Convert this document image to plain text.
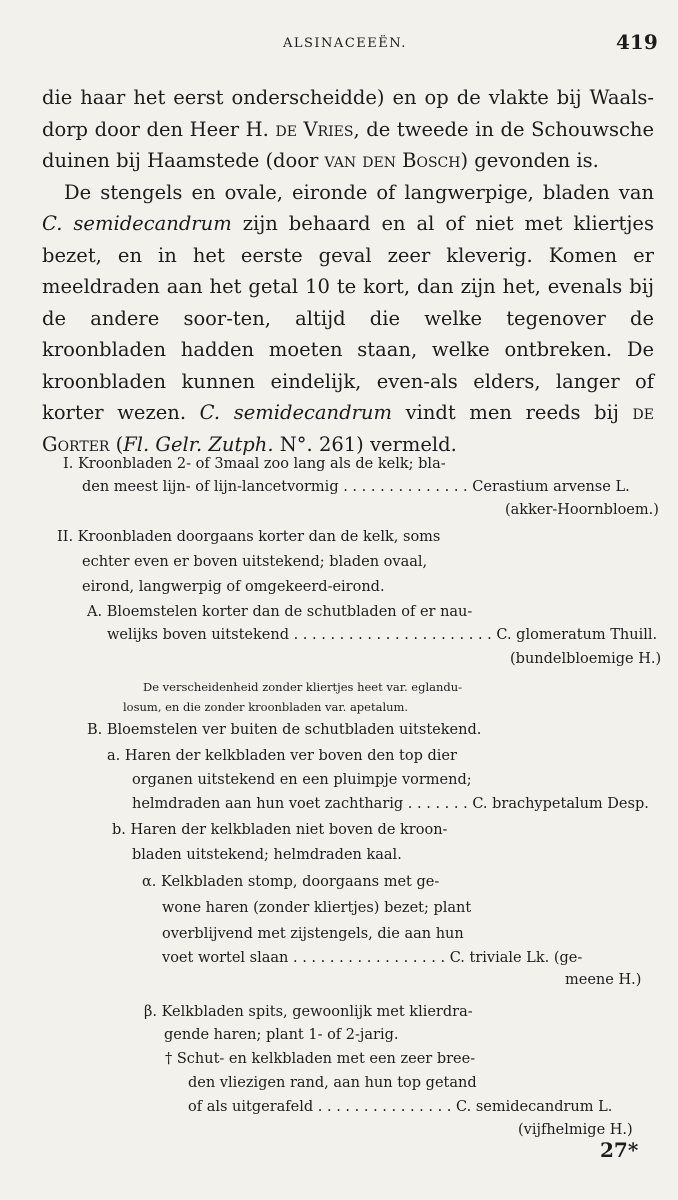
ALSINACEEËN.	419

die haar het eerst onderscheidde) en op de vlakte bij Waals-dorp door den Heer H. de Vries, de tweede in de Schouwsche duinen bij Haamstede (door van den Bosch) gevonden is.

De stengels en ovale, eironde of langwerpige, bladen van C. semidecandrum zijn behaard en al of niet met kliertjes bezet, en in het eerste geval zeer kleverig. Komen er meeldraden aan het getal 10 te kort, dan zijn het, evenals bij de andere soor-ten, altijd die welke tegenover de kroonbladen hadden moeten staan, welke ontbreken. De kroonbladen kunnen eindelijk, even-als elders, langer of korter wezen. C. semidecandrum vindt men reeds bij de Gorter (Fl. Gelr. Zutph. N°. 261) vermeld.

I. Kroonbladen 2- of 3maal zoo lang als de kelk; bla-
den meest lijn- of lijn-lancetvormig . . . . . . . . . . . . . . Cerastium arvense L.
(akker-Hoornbloem.)
II. Kroonbladen doorgaans korter dan de kelk, soms
echter even er boven uitstekend; bladen ovaal,
eirond, langwerpig of omgekeerd-eirond.
A. Bloemstelen korter dan de schutbladen of er nau-
welijks boven uitstekend . . . . . . . . . . . . . . . . . . . . . . C. glomeratum Thuill.
(bundelbloemige H.)
De verscheidenheid zonder kliertjes heet var. eglandu-
losum, en die zonder kroonbladen var. apetalum.
B. Bloemstelen ver buiten de schutbladen uitstekend.
a. Haren der kelkbladen ver boven den top dier
organen uitstekend en een pluimpje vormend;
helmdraden aan hun voet zachtharig . . . . . . . C. brachypetalum Desp.
b. Haren der kelkbladen niet boven de kroon-
bladen uitstekend; helmdraden kaal.
α. Kelkbladen stomp, doorgaans met ge-
wone haren (zonder kliertjes) bezet; plant
overblijvend met zijstengels, die aan hun
voet wortel slaan . . . . . . . . . . . . . . . . . C. triviale Lk. (ge-
meene H.)
β. Kelkbladen spits, gewoonlijk met klierdra-
gende haren; plant 1- of 2-jarig.
† Schut- en kelkbladen met een zeer bree-
den vliezigen rand, aan hun top getand
of als uitgerafeld . . . . . . . . . . . . . . . C. semidecandrum L.
(vijfhelmige H.)
27*
